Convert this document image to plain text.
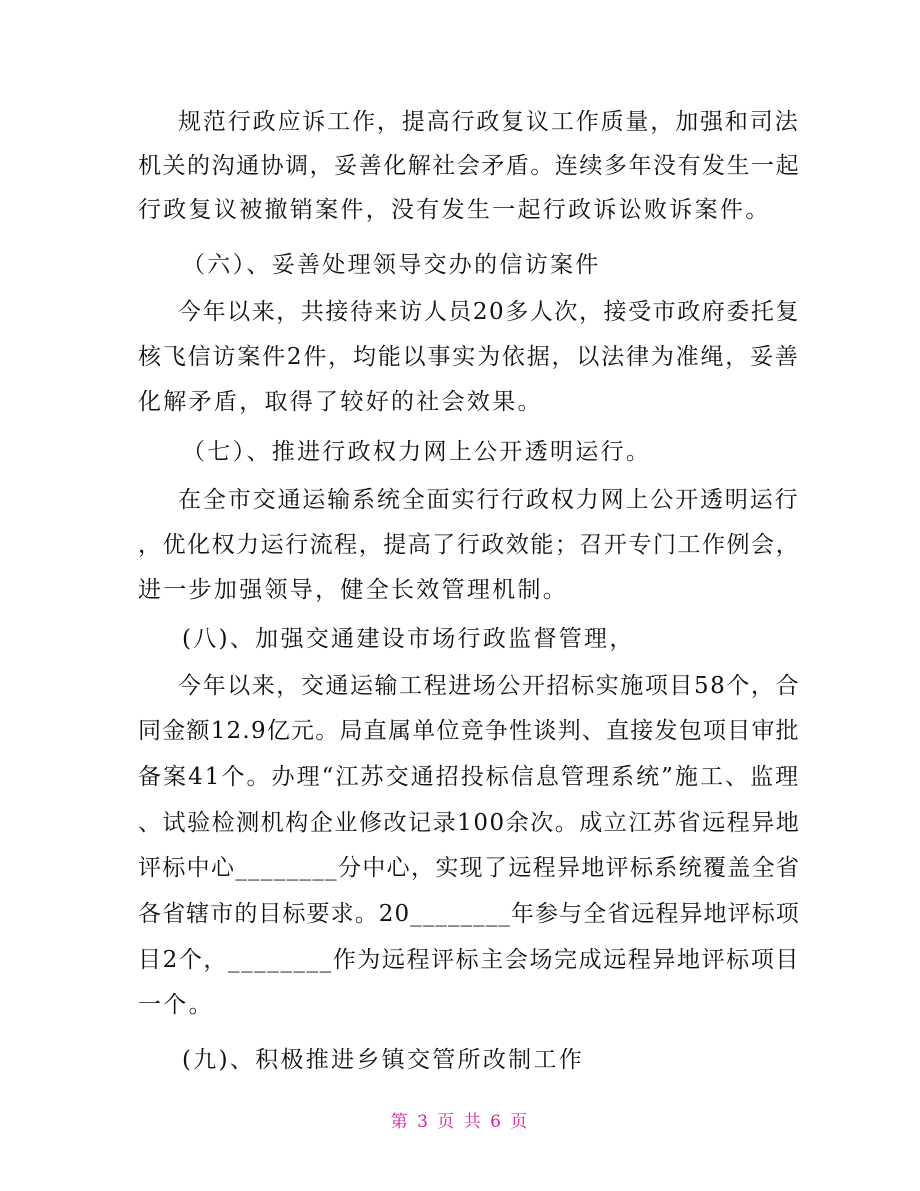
规范行政应诉工作，提高行政复议工作质量，加强和司法
机关的沟通协调，妥善化解社会矛盾。连续多年没有发生一起
行政复议被撤销案件，没有发生一起行政诉讼败诉案件。
（六）、妥善处理领导交办的信访案件
今年以来，共接待来访人员20多人次，接受市政府委托复
核飞信访案件2件，均能以事实为依据，以法律为准绳，妥善
化解矛盾，取得了较好的社会效果。
（七）、推进行政权力网上公开透明运行。
在全市交通运输系统全面实行行政权力网上公开透明运行
，优化权力运行流程，提高了行政效能；召开专门工作例会，
进一步加强领导，健全长效管理机制。
(八)、加强交通建设市场行政监督管理，
今年以来，交通运输工程进场公开招标实施项目58个，合
同金额12.9亿元。局直属单位竞争性谈判、直接发包项目审批
备案41个。办理“江苏交通招投标信息管理系统”施工、监理
、试验检测机构企业修改记录100余次。成立江苏省远程异地
评标中心________分中心，实现了远程异地评标系统覆盖全省
各省辖市的目标要求。20________年参与全省远程异地评标项
目2个，________作为远程评标主会场完成远程异地评标项目
一个。
(九)、积极推进乡镇交管所改制工作
第 3 页 共 6 页
